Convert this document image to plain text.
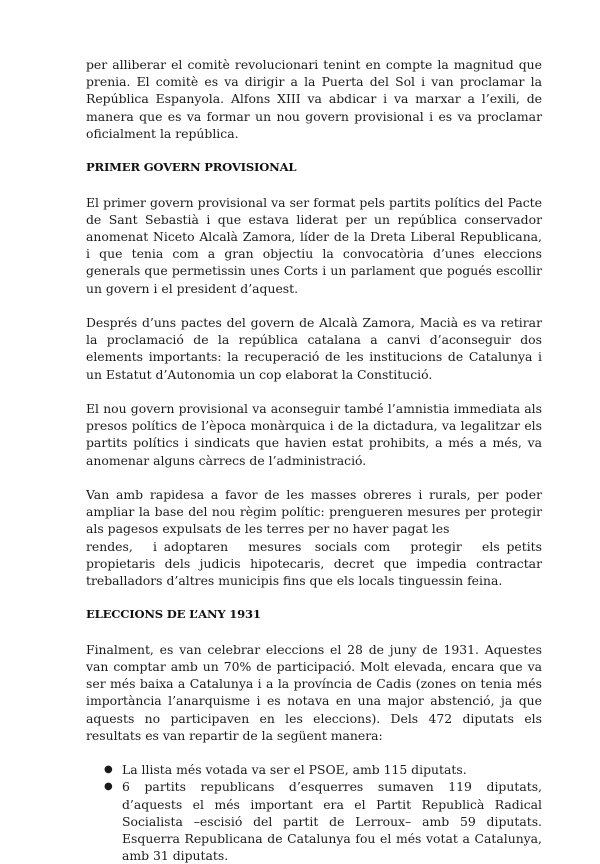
per alliberar el comitè revolucionari tenint en compte la magnitud que prenia. El comitè es va dirigir a la Puerta del Sol i van proclamar la República Espanyola. Alfons XIII va abdicar i va marxar a l’exili, de manera que es va formar un nou govern provisional i es va proclamar oficialment la república.

PRIMER GOVERN PROVISIONAL

El primer govern provisional va ser format pels partits polítics del Pacte de Sant Sebastià i que estava liderat per un república conservador anomenat Niceto Alcalà Zamora, líder de la Dreta Liberal Republicana, i que tenia com a gran objectiu la convocatòria d’unes eleccions generals que permetissin unes Corts i un parlament que pogués escollir un govern i el president d’aquest.

Després d’uns pactes del govern de Alcalà Zamora, Macià es va retirar la proclamació de la república catalana a canvi d’aconseguir dos elements importants: la recuperació de les institucions de Catalunya i un Estatut d’Autonomia un cop elaborat la Constitució.

El nou govern provisional va aconseguir també l’amnistia immediata als presos polítics de l’època monàrquica i de la dictadura, va legalitzar els partits polítics i sindicats que havien estat prohibits, a més a més, va anomenar alguns càrrecs de l’administració.

Van amb rapidesa a favor de les masses obreres i rurals, per poder ampliar la base del nou règim polític: prengueren mesures per protegir als pagesos expulsats de les terres per no haver pagat les

rendes,   i adoptaren   mesures  socials com   protegir   els petits propietaris dels judicis hipotecaris, decret que impedia contractar treballadors d’altres municipis fins que els locals tinguessin feina.

ELECCIONS DE L’ANY 1931

Finalment, es van celebrar eleccions el 28 de juny de 1931. Aquestes van comptar amb un 70% de participació. Molt elevada, encara que va ser més baixa a Catalunya i a la província de Cadis (zones on tenia més importància l’anarquisme i es notava en una major abstenció, ja que aquests no participaven en les eleccions). Dels 472 diputats els resultats es van repartir de la següent manera:

● La llista més votada va ser el PSOE, amb 115 diputats.
● 6 partits republicans d’esquerres sumaven 119 diputats, d’aquests el més important era el Partit Republicà Radical Socialista –escisió del partit de Lerroux– amb 59 diputats. Esquerra Republicana de Catalunya fou el més votat a Catalunya, amb 31 diputats.
